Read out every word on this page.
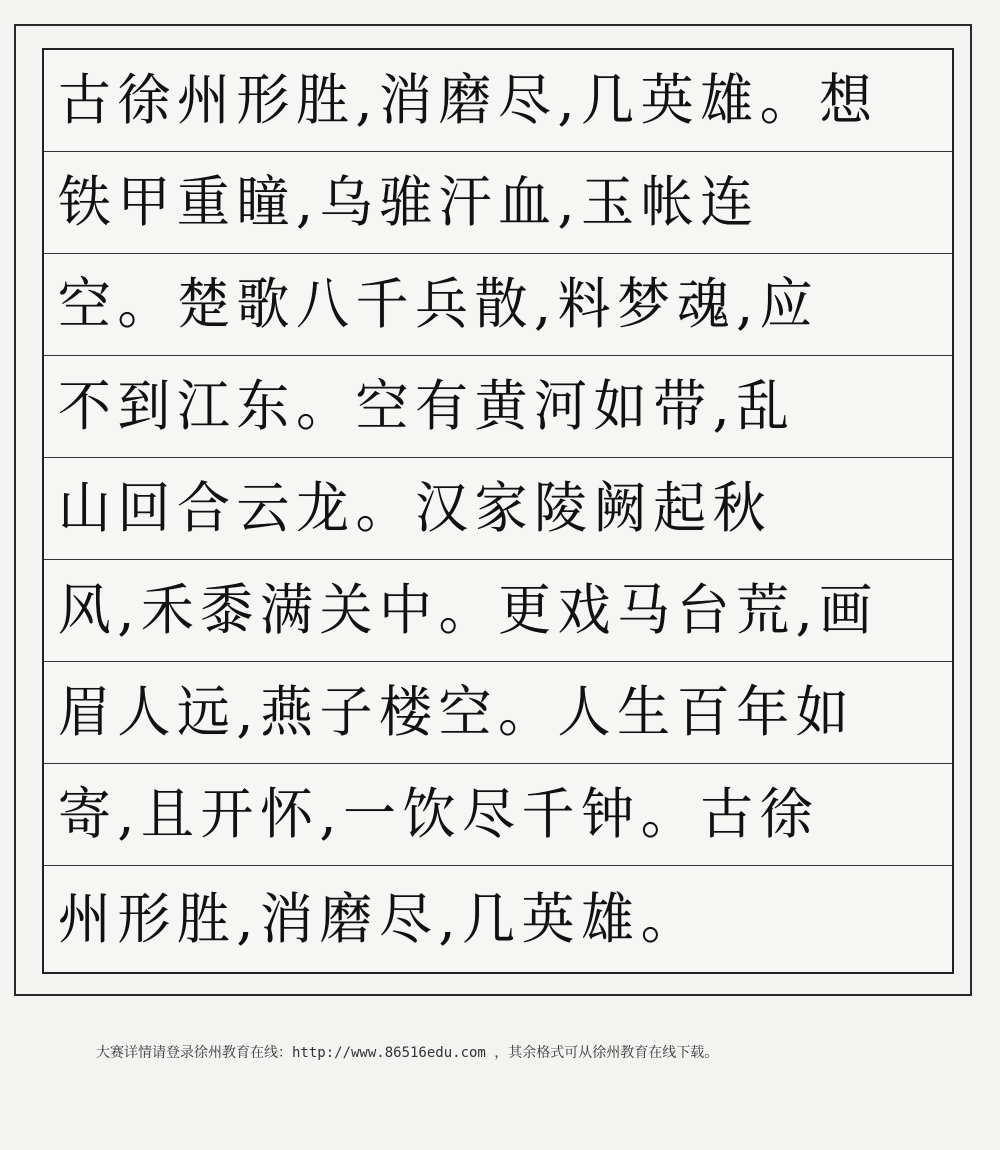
古徐州形胜,消磨尽,几英雄。想
铁甲重瞳,乌骓汗血,玉帐连
空。楚歌八千兵散,料梦魂,应
不到江东。空有黄河如带,乱
山回合云龙。汉家陵阙起秋
风,禾黍满关中。更戏马台荒,画
眉人远,燕子楼空。人生百年如
寄,且开怀,一饮尽千钟。古徐
州形胜,消磨尽,几英雄。
大赛详情请登录徐州教育在线：http://www.86516edu.com ，其余格式可从徐州教育在线下载。
